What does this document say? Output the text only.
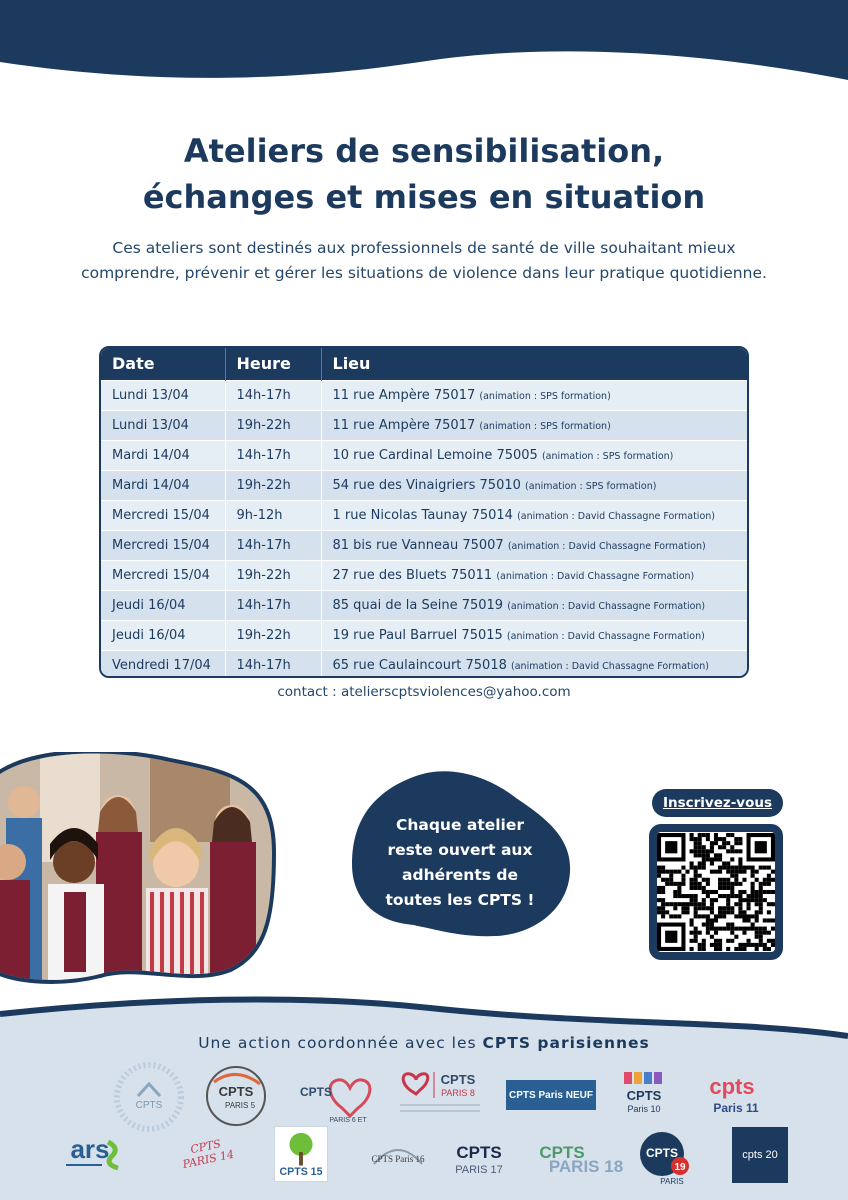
Ateliers de sensibilisation,
échanges et mises en situation

Ces ateliers sont destinés aux professionnels de santé de ville souhaitant mieux comprendre, prévenir et gérer les situations de violence dans leur pratique quotidienne.

Date	Heure	Lieu
Lundi 13/04	14h-17h	11 rue Ampère 75017 (animation : SPS formation)
Lundi 13/04	19h-22h	11 rue Ampère 75017 (animation : SPS formation)
Mardi 14/04	14h-17h	10 rue Cardinal Lemoine 75005 (animation : SPS formation)
Mardi 14/04	19h-22h	54 rue des Vinaigriers 75010 (animation : SPS formation)
Mercredi 15/04	9h-12h	1 rue Nicolas Taunay 75014 (animation : David Chassagne Formation)
Mercredi 15/04	14h-17h	81 bis rue Vanneau 75007 (animation : David Chassagne Formation)
Mercredi 15/04	19h-22h	27 rue des Bluets 75011 (animation : David Chassagne Formation)
Jeudi 16/04	14h-17h	85 quai de la Seine 75019 (animation : David Chassagne Formation)
Jeudi 16/04	19h-22h	19 rue Paul Barruel 75015 (animation : David Chassagne Formation)
Vendredi 17/04	14h-17h	65 rue Caulaincourt 75018 (animation : David Chassagne Formation)

contact : atelierscptsviolences@yahoo.com

Chaque atelier
reste ouvert aux
adhérents de
toutes les CPTS !
Inscrivez-vous

Une action coordonnée avec les CPTS parisiennes

CPTS
CPTS
PARIS 5
CPTS
PARIS 6 ET
CPTS
PARIS 8	CPTS Paris NEUF	CPTS
Paris 10
cpts
Paris 11
ars	CPTS PARIS 14
CPTS 15
CPTS Paris 16 CPTS
PARIS 17
CPTS
PARIS 18
CPTS
19
PARIS
cpts 20
